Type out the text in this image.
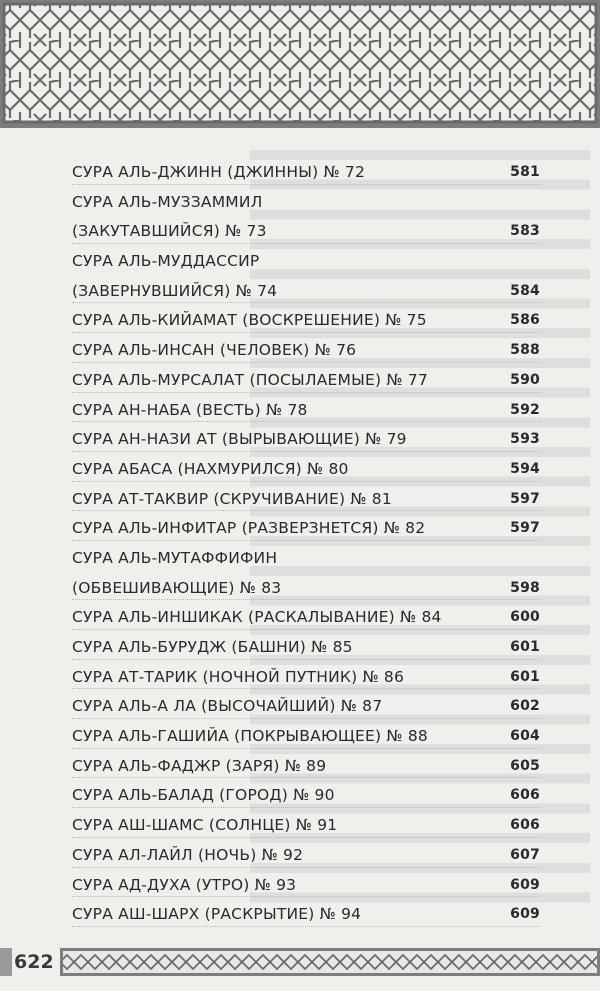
СУРА АЛЬ-ДЖИНН (ДЖИННЫ) № 72	581
СУРА АЛЬ-МУЗЗАММИЛ
(ЗАКУТАВШИЙСЯ) № 73	583
СУРА АЛЬ-МУДДАССИР
(ЗАВЕРНУВШИЙСЯ) № 74	584
СУРА АЛЬ-КИЙАМАТ (ВОСКРЕШЕНИЕ) № 75	586
СУРА АЛЬ-ИНСАН (ЧЕЛОВЕК) № 76	588
СУРА АЛЬ-МУРСАЛАТ (ПОСЫЛАЕМЫЕ) № 77	590
СУРА АН-НАБА (ВЕСТЬ) № 78	592
СУРА АН-НАЗИ АТ (ВЫРЫВАЮЩИЕ) № 79	593
СУРА АБАСА (НАХМУРИЛСЯ) № 80	594
СУРА АТ-ТАКВИР (СКРУЧИВАНИЕ) № 81	597
СУРА АЛЬ-ИНФИТАР (РАЗВЕРЗНЕТСЯ) № 82	597
СУРА АЛЬ-МУТАФФИФИН
(ОБВЕШИВАЮЩИЕ) № 83	598
СУРА АЛЬ-ИНШИКАК (РАСКАЛЫВАНИЕ) № 84	600
СУРА АЛЬ-БУРУДЖ (БАШНИ) № 85	601
СУРА АТ-ТАРИК (НОЧНОЙ ПУТНИК) № 86	601
СУРА АЛЬ-А ЛА (ВЫСОЧАЙШИЙ) № 87	602
СУРА АЛЬ-ГАШИЙА (ПОКРЫВАЮЩЕЕ) № 88	604
СУРА АЛЬ-ФАДЖР (ЗАРЯ) № 89	605
СУРА АЛЬ-БАЛАД (ГОРОД) № 90	606
СУРА АШ-ШАМС (СОЛНЦЕ) № 91	606
СУРА АЛ-ЛАЙЛ (НОЧЬ) № 92	607
СУРА АД-ДУХА (УТРО) № 93	609
СУРА АШ-ШАРХ (РАСКРЫТИЕ) № 94	609
622
